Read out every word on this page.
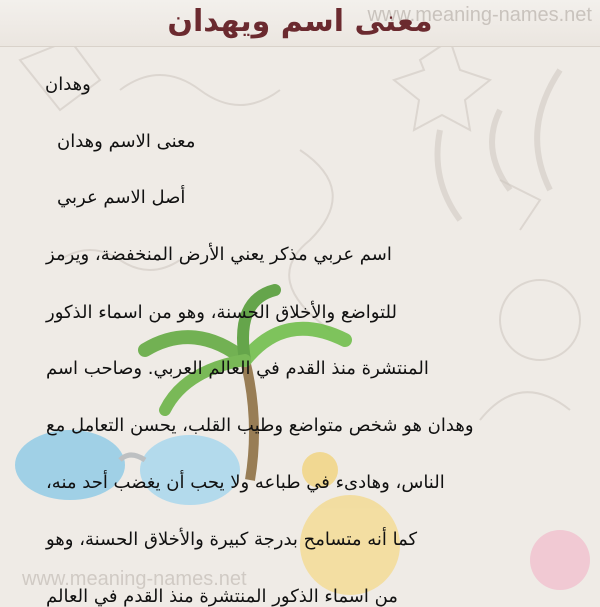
www.meaning-names.net
معنى اسم ويهدان
www.meaning-names.net
وهدان
معنى الاسم وهدان
أصل الاسم عربي
اسم عربي مذكر يعني الأرض المنخفضة، ويرمز
للتواضع والأخلاق الحسنة، وهو من اسماء الذكور
المنتشرة منذ القدم في العالم العربي. وصاحب اسم
وهدان هو شخص متواضع وطيب القلب، يحسن التعامل مع
الناس، وهادىء في طباعه ولا يحب أن يغضب أحد منه،
كما أنه متسامح بدرجة كبيرة والأخلاق الحسنة، وهو
من اسماء الذكور المنتشرة منذ القدم في العالم
